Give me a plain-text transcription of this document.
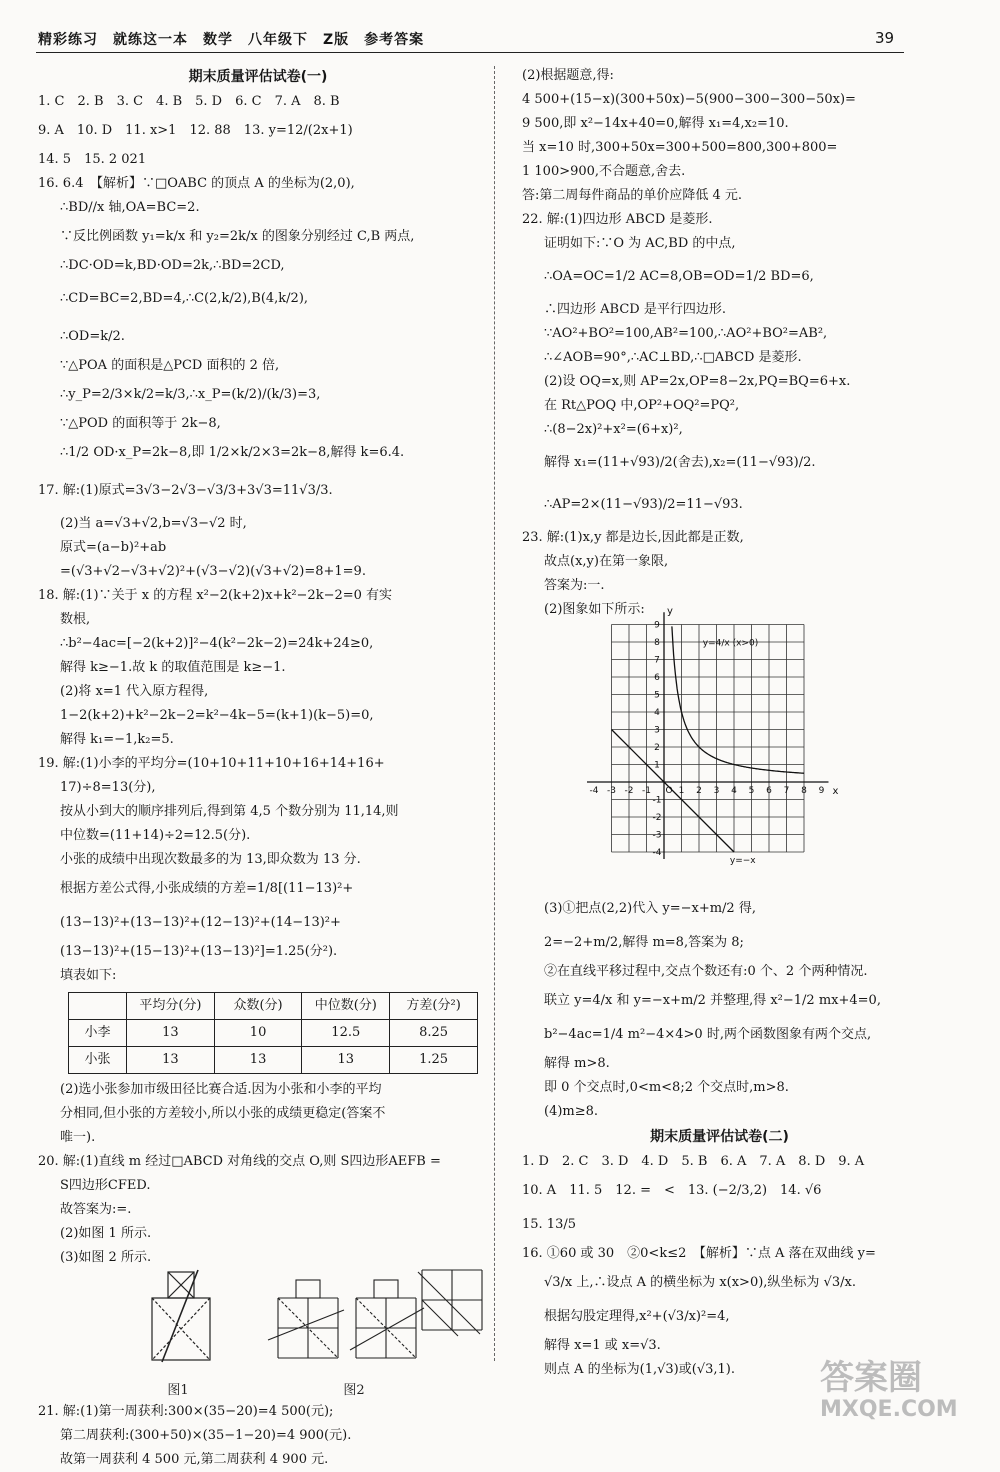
精彩练习　就练这一本　数学　八年级下　Z版　参考答案	39
期末质量评估试卷(一)
1. C　2. B　3. C　4. B　5. D　6. C　7. A　8. B
9. A　10. D　11. x>1　12. 88　13. y=12/(2x+1)
14. 5　15. 2 021
16. 6.4　【解析】∵□OABC 的顶点 A 的坐标为(2,0),
∴BD//x 轴,OA=BC=2.
∵反比例函数 y₁=k/x 和 y₂=2k/x 的图象分别经过 C,B 两点,
∴DC·OD=k,BD·OD=2k,∴BD=2CD,
∴CD=BC=2,BD=4,∴C(2,k/2),B(4,k/2),
∴OD=k/2.
∵△POA 的面积是△PCD 面积的 2 倍,
∴y_P=2/3×k/2=k/3,∴x_P=(k/2)/(k/3)=3,
∵△POD 的面积等于 2k−8,
∴1/2 OD·x_P=2k−8,即 1/2×k/2×3=2k−8,解得 k=6.4.
17. 解:(1)原式=3√3−2√3−√3/3+3√3=11√3/3.
(2)当 a=√3+√2,b=√3−√2 时,
原式=(a−b)²+ab
=(√3+√2−√3+√2)²+(√3−√2)(√3+√2)=8+1=9.
18. 解:(1)∵关于 x 的方程 x²−2(k+2)x+k²−2k−2=0 有实
数根,
∴b²−4ac=[−2(k+2)]²−4(k²−2k−2)=24k+24≥0,
解得 k≥−1.故 k 的取值范围是 k≥−1.
(2)将 x=1 代入原方程得,
1−2(k+2)+k²−2k−2=k²−4k−5=(k+1)(k−5)=0,
解得 k₁=−1,k₂=5.
19. 解:(1)小李的平均分=(10+10+11+10+16+14+16+
17)÷8=13(分),
按从小到大的顺序排列后,得到第 4,5 个数分别为 11,14,则
中位数=(11+14)÷2=12.5(分).
小张的成绩中出现次数最多的为 13,即众数为 13 分.
根据方差公式得,小张成绩的方差=1/8[(11−13)²+
(13−13)²+(13−13)²+(12−13)²+(14−13)²+
(13−13)²+(15−13)²+(13−13)²]=1.25(分²).
填表如下:
	平均分(分)	众数(分)	中位数(分)	方差(分²)
小李	13	10	12.5	8.25
小张	13	13	13	1.25
(2)选小张参加市级田径比赛合适.因为小张和小李的平均
分相同,但小张的方差较小,所以小张的成绩更稳定(答案不
唯一).
20. 解:(1)直线 m 经过□ABCD 对角线的交点 O,则 S四边形AEFB =
S四边形CFED.
故答案为:=.
(2)如图 1 所示.
(3)如图 2 所示.
图1	图2
21. 解:(1)第一周获利:300×(35−20)=4 500(元);
第二周获利:(300+50)×(35−1−20)=4 900(元).
故第一周获利 4 500 元,第二周获利 4 900 元.
(2)根据题意,得:
4 500+(15−x)(300+50x)−5(900−300−300−50x)=
9 500,即 x²−14x+40=0,解得 x₁=4,x₂=10.
当 x=10 时,300+50x=300+500=800,300+800=
1 100>900,不合题意,舍去.
答:第二周每件商品的单价应降低 4 元.
22. 解:(1)四边形 ABCD 是菱形.
证明如下:∵O 为 AC,BD 的中点,
∴OA=OC=1/2 AC=8,OB=OD=1/2 BD=6,
∴四边形 ABCD 是平行四边形.
∵AO²+BO²=100,AB²=100,∴AO²+BO²=AB²,
∴∠AOB=90°,∴AC⊥BD,∴□ABCD 是菱形.
(2)设 OQ=x,则 AP=2x,OP=8−2x,PQ=BQ=6+x.
在 Rt△POQ 中,OP²+OQ²=PQ²,
∴(8−2x)²+x²=(6+x)²,
解得 x₁=(11+√93)/2(舍去),x₂=(11−√93)/2.
∴AP=2×(11−√93)/2=11−√93.
23. 解:(1)x,y 都是边长,因此都是正数,
故点(x,y)在第一象限,
答案为:一.
(2)图象如下所示:
-4 -3 -2 -1	1 2 3 4 5 6 7 8 9
9
8
7
6
5
4
3
2
1
-1
-2
-3
-4
O	x
y
y=4/x (x>0)
y=−x
(3)①把点(2,2)代入 y=−x+m/2 得,
2=−2+m/2,解得 m=8,答案为 8;
②在直线平移过程中,交点个数还有:0 个、2 个两种情况.
联立 y=4/x 和 y=−x+m/2 并整理,得 x²−1/2 mx+4=0,
b²−4ac=1/4 m²−4×4>0 时,两个函数图象有两个交点,
解得 m>8.
即 0 个交点时,0<m<8;2 个交点时,m>8.
(4)m≥8.
期末质量评估试卷(二)
1. D　2. C　3. D　4. D　5. B　6. A　7. A　8. D　9. A
10. A　11. 5　12. =　<　13. (−2/3,2)　14. √6
15. 13/5
16. ①60 或 30　②0<k≤2　【解析】∵点 A 落在双曲线 y=
√3/x 上,∴设点 A 的横坐标为 x(x>0),纵坐标为 √3/x.
根据勾股定理得,x²+(√3/x)²=4,
解得 x=1 或 x=√3.
则点 A 的坐标为(1,√3)或(√3,1).	答案圈
MXQE.COM
